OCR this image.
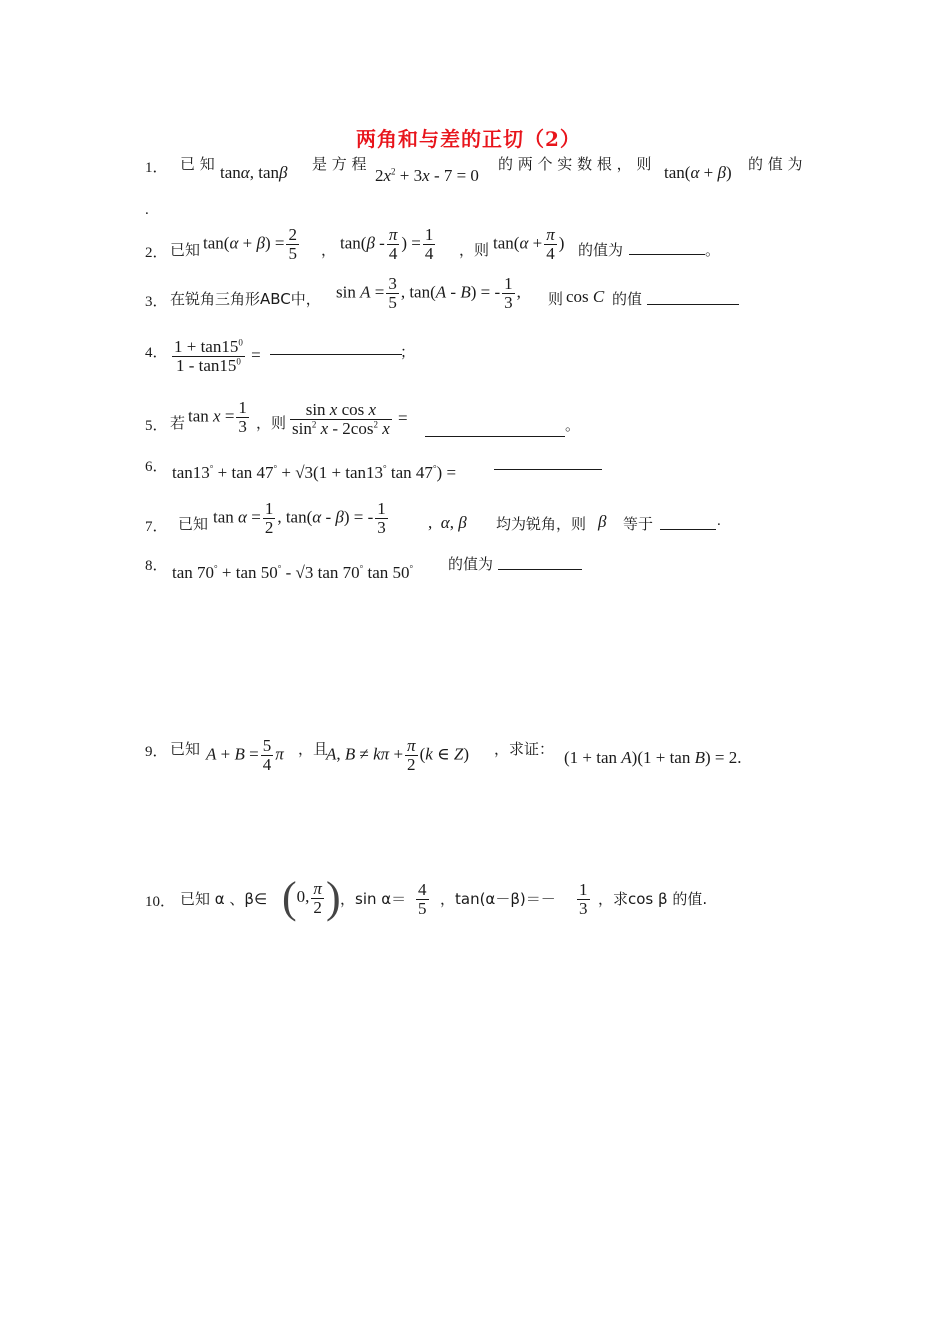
两角和与差的正切（2）
1． 已 知 tanα, tanβ 是 方 程
$2x^2 + 3x - 7 = 0$
的 两 个 实 数 根 ， 则 tan(α + β) 的 值 为
.
2． 已知 $\tan(\alpha + \beta) = \frac{2}{5}$ ， $\tan(\beta - \frac{\pi}{4}$ ) = $\frac{1}{4}$ ，则 $\tan(\alpha + \frac{\pi}{4}$ ) 的值为	。
3． 在锐角三角形ABC中， $\sin A = \frac{3}{5}$ , tan(A - B) = - $\frac{1}{3}$ , 则 cos C 的值
4． $\frac{1 + \tan 15^0}{1 - \tan 15^0}$ =	；
5． 若 $\tan x = \frac{1}{3}$ ，则 $\frac{\text{sin x cos x}}{\sin^2 x - 2\cos^2 x}$ =	。
6． tan13° + tan 47° + √3(1 + tan13° tan 47°) =
7． 已知 $\tan \alpha = \frac{1}{2}$ , tan(α - β) = - $\frac{1}{3}$ ,  α, β 均为锐角，则 β 等于	.
8． tan 70° + tan 50° - √3 tan 70° tan 50° 的值为
9． 已知 $A + B = \frac{5}{4}$ π ，且
A, $B \ne k\pi + \frac{\pi}{2} (k$ ∈ Z) ，求证： (1 + tan A)(1 + tan B) = 2.
10． 已知 α 、β∈ (0, $\frac{\pi}{2}$ ) ，$\sin \alpha= \frac{4}{5}$ ，$\tan(\alpha-\beta)=- \frac{1}{3}$ ，求cos β 的值.
